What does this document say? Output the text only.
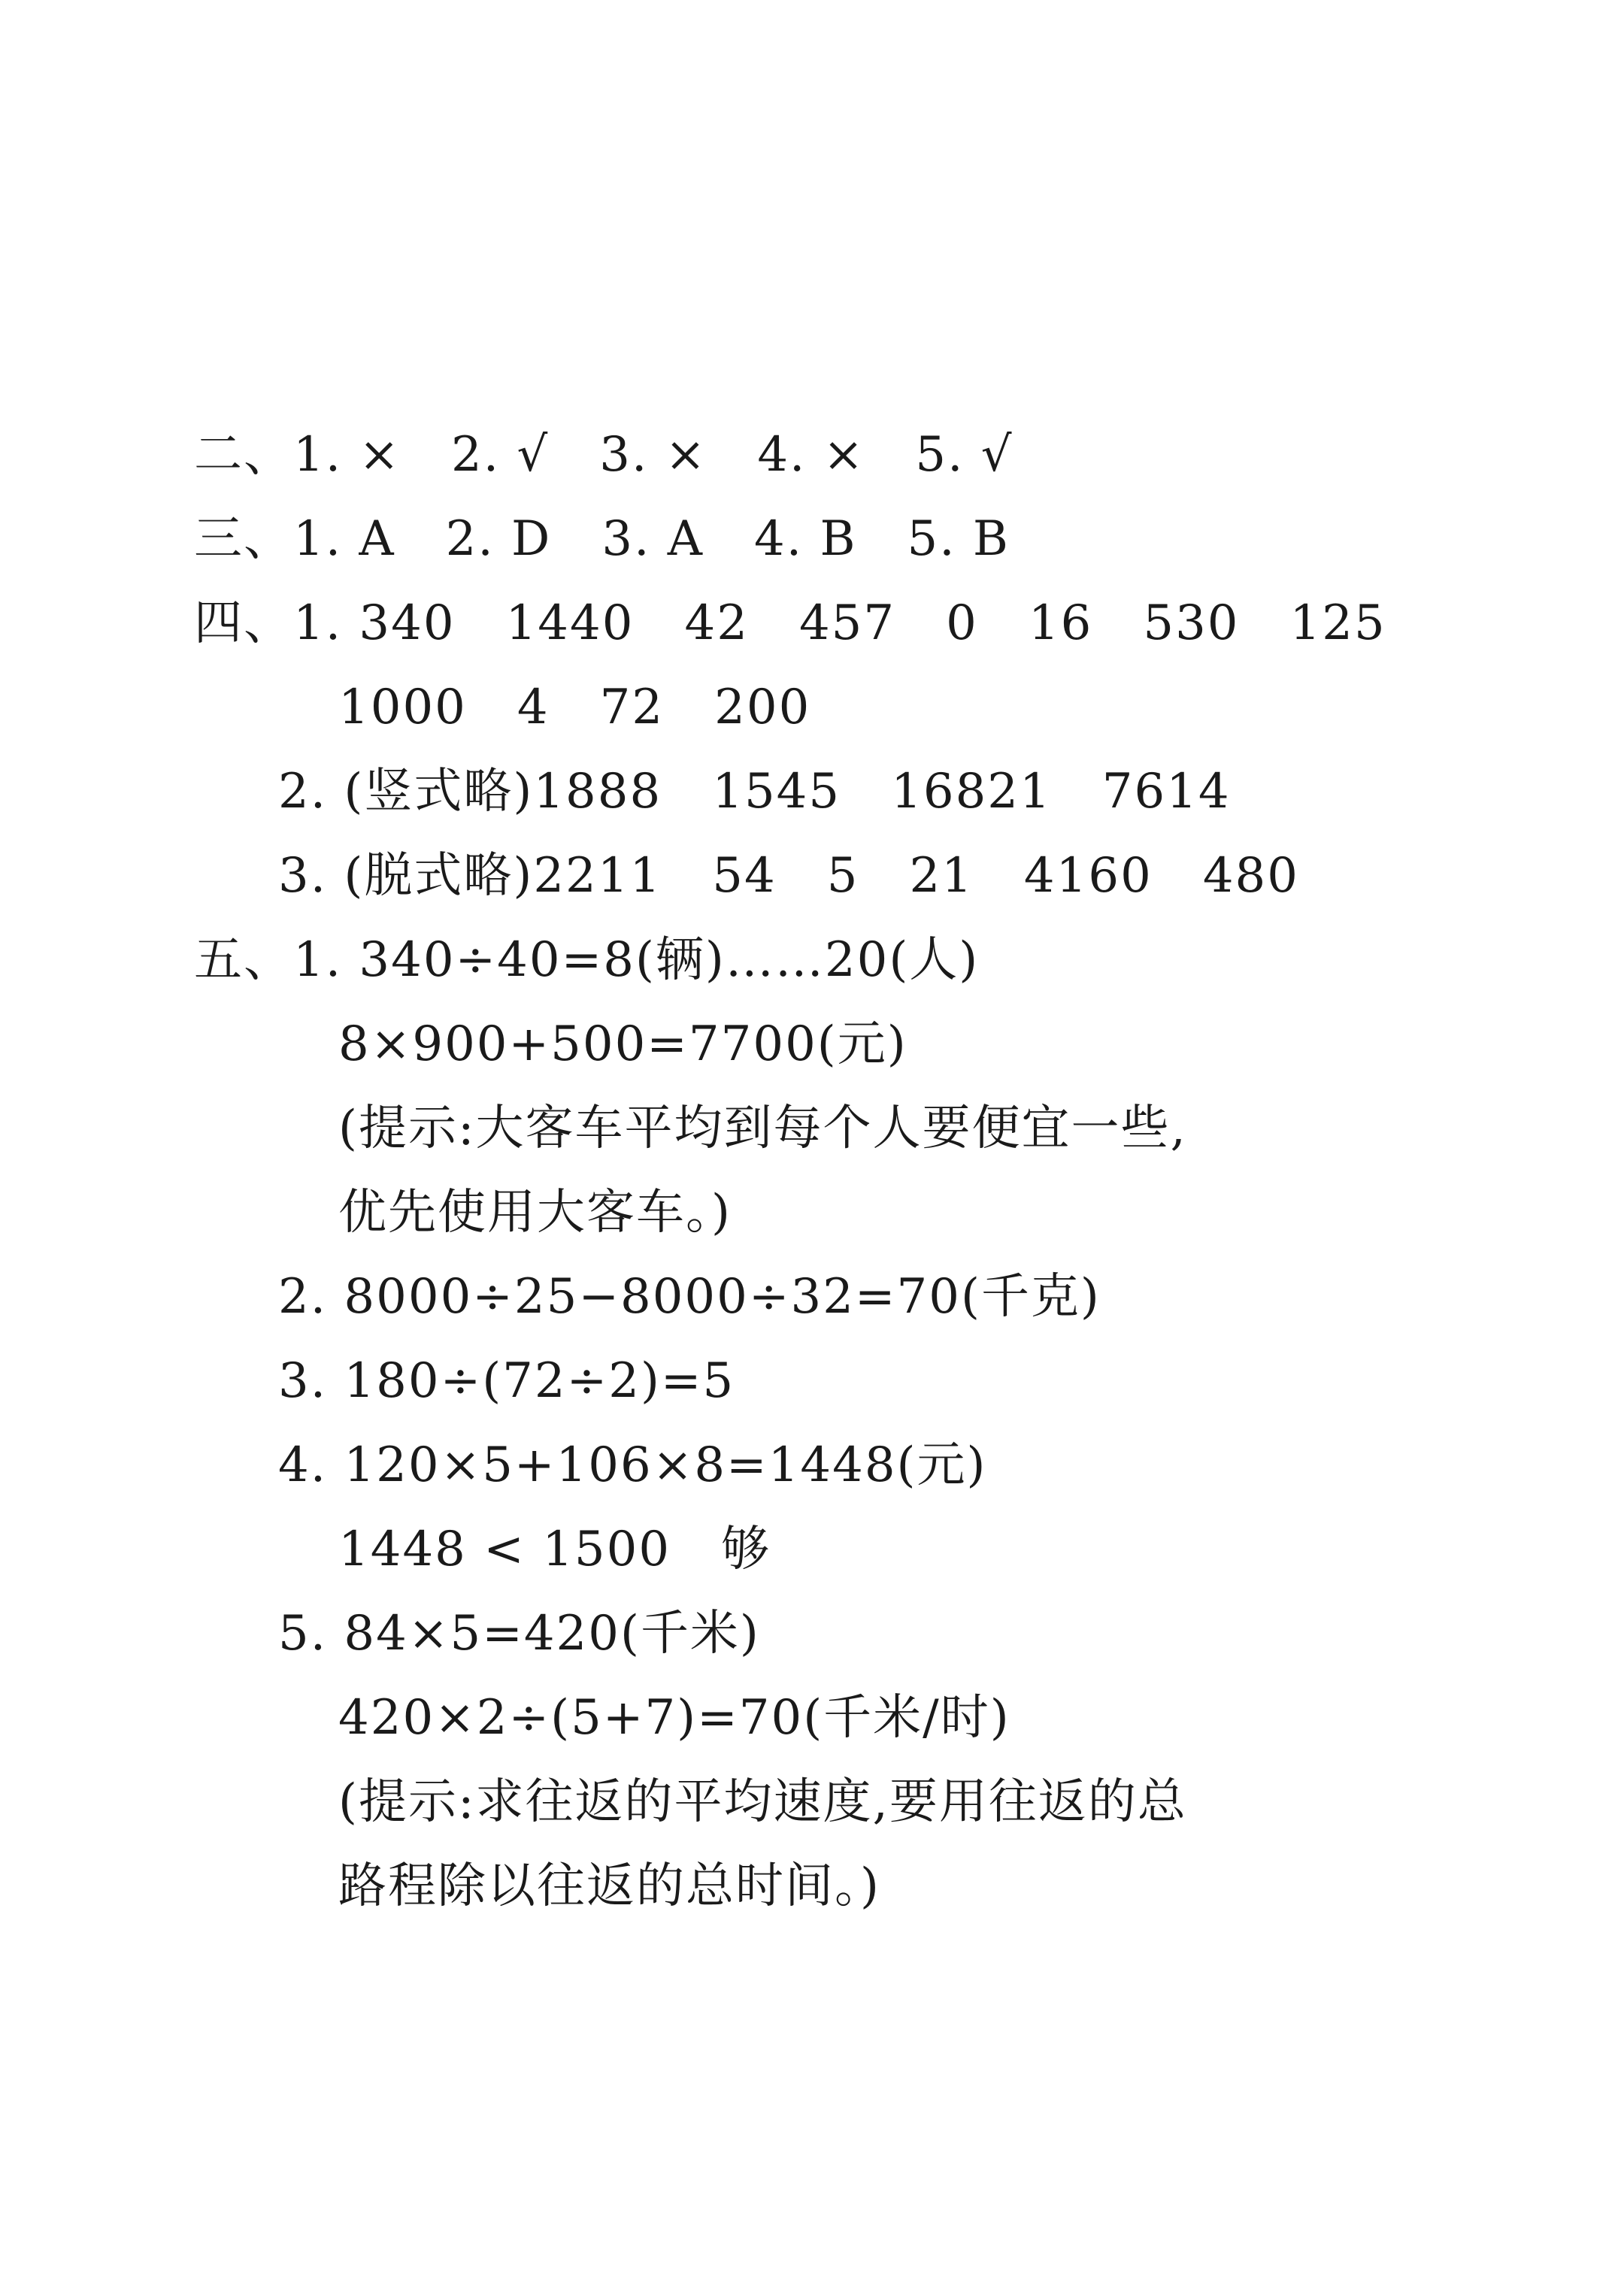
二、1. ×   2. √   3. ×   4. ×   5. √
三、1. A   2. D   3. A   4. B   5. B
四、1. 340   1440   42   457   0   16   530   125
1000   4   72   200
2. (竖式略)1888   1545   16821   7614
3. (脱式略)2211   54   5   21   4160   480
五、1. 340÷40=8(辆)……20(人)
8×900+500=7700(元)
(提示:大客车平均到每个人要便宜一些,
优先使用大客车。)
2. 8000÷25−8000÷32=70(千克)
3. 180÷(72÷2)=5
4. 120×5+106×8=1448(元)
1448 < 1500   够
5. 84×5=420(千米)
420×2÷(5+7)=70(千米/时)
(提示:求往返的平均速度,要用往返的总
路程除以往返的总时间。)
